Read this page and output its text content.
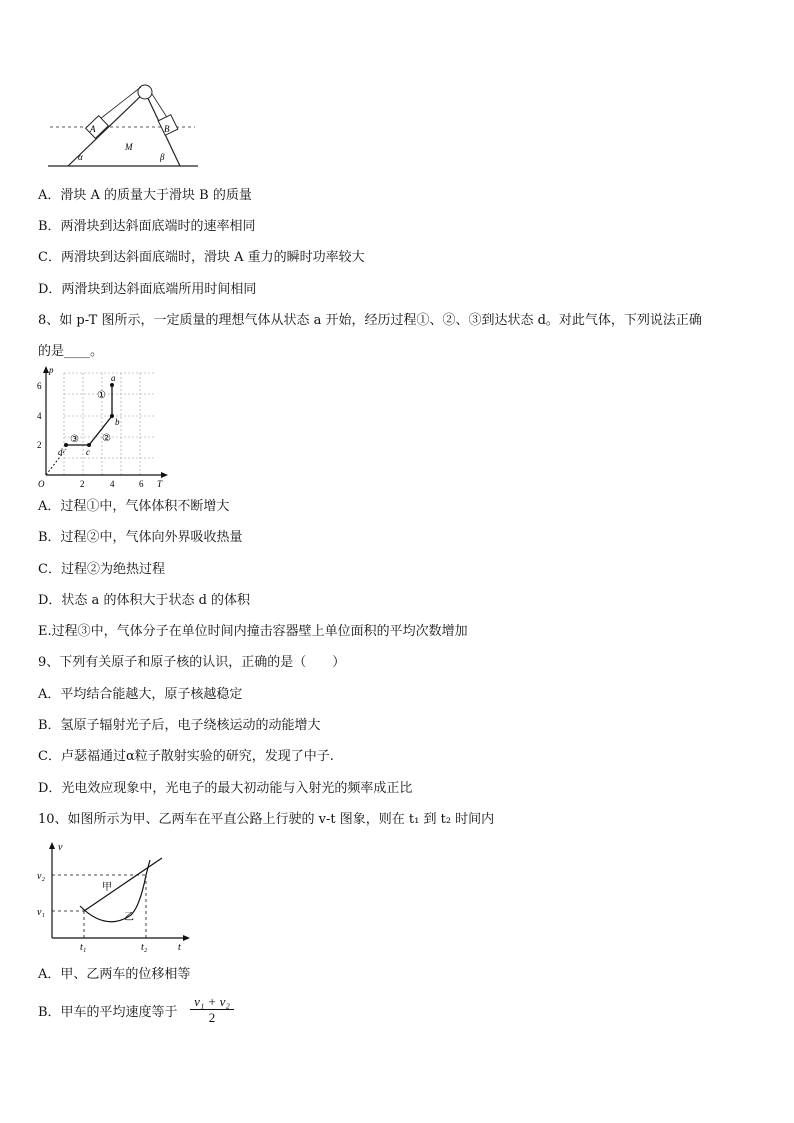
A	B
M
α	β
A．滑块 A 的质量大于滑块 B 的质量
B．两滑块到达斜面底端时的速率相同
C．两滑块到达斜面底端时，滑块 A 重力的瞬时功率较大
D．两滑块到达斜面底端所用时间相同
8、如 p-T 图所示，一定质量的理想气体从状态 a 开始，经历过程①、②、③到达状态 d。对此气体，下列说法正确
的是____。
p
T
O
2
4
6
2	4	6
a
b
c
d
①
②
③
A．过程①中，气体体积不断增大
B．过程②中，气体向外界吸收热量
C．过程②为绝热过程
D．状态 a 的体积大于状态 d 的体积
E.过程③中，气体分子在单位时间内撞击容器壁上单位面积的平均次数增加
9、下列有关原子和原子核的认识，正确的是（　　）
A．平均结合能越大，原子核越稳定
B．氢原子辐射光子后，电子绕核运动的动能增大
C．卢瑟福通过α粒子散射实验的研究，发现了中子.
D．光电效应现象中，光电子的最大初动能与入射光的频率成正比
10、如图所示为甲、乙两车在平直公路上行驶的 v-t 图象，则在 t₁ 到 t₂ 时间内
v
t
v₂
v₁
t₁	t₂
甲
乙
A．甲、乙两车的位移相等
B．甲车的平均速度等于 $\frac{\text{v₁ + v₂}}{2}$
